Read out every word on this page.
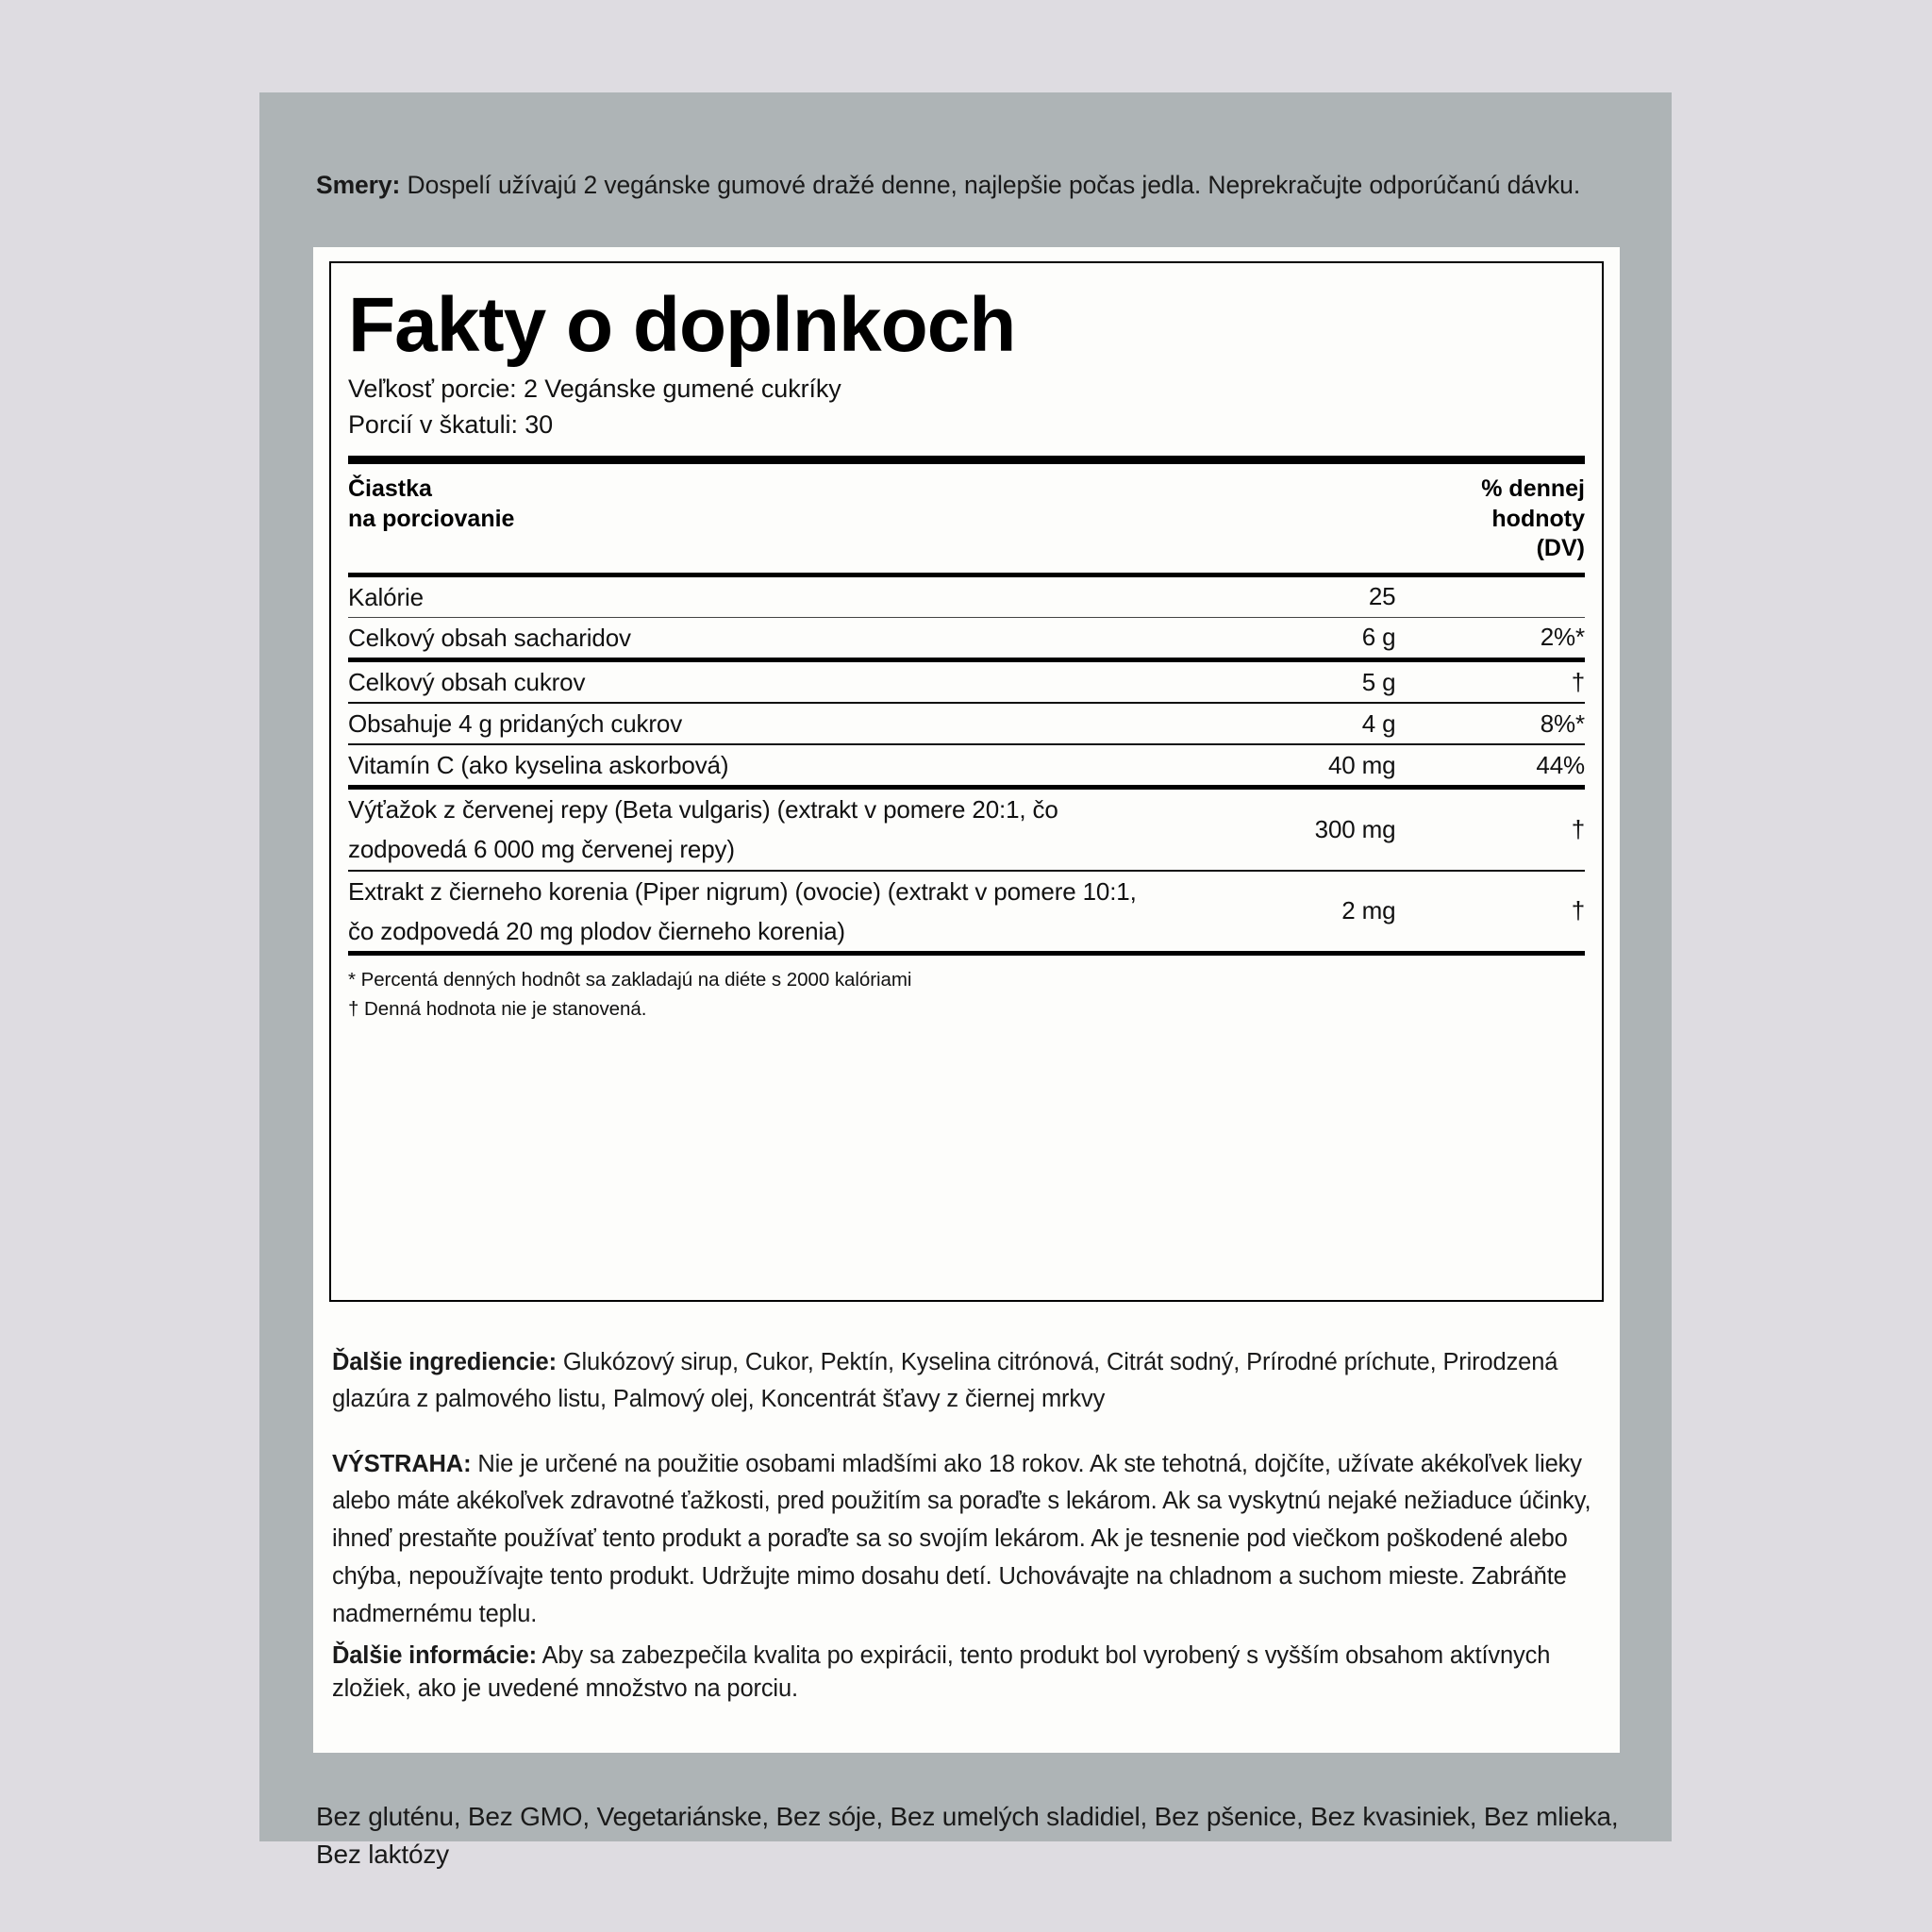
Smery: Dospelí užívajú 2 vegánske gumové dražé denne, najlepšie počas jedla. Neprekračujte odporúčanú dávku.

Fakty o doplnkoch
Veľkosť porcie: 2 Vegánske gumené cukríky
Porcií v škatuli: 30
Čiastka
na porciovanie
% dennej
hodnoty
(DV)
Kalórie	25	
Celkový obsah sacharidov	6 g	2%*
Celkový obsah cukrov	5 g	†
Obsahuje 4 g pridaných cukrov	4 g	8%*
Vitamín C (ako kyselina askorbová)	40 mg	44%
Výťažok z červenej repy (Beta vulgaris) (extrakt v pomere 20:1, čo zodpovedá 6 000 mg červenej repy)	300 mg	†
Extrakt z čierneho korenia (Piper nigrum) (ovocie) (extrakt v pomere 10:1, čo zodpovedá 20 mg plodov čierneho korenia)	2 mg	†
* Percentá denných hodnôt sa zakladajú na diéte s 2000 kalóriami
† Denná hodnota nie je stanovená.

Ďalšie ingrediencie: Glukózový sirup, Cukor, Pektín, Kyselina citrónová, Citrát sodný, Prírodné príchute, Prirodzená glazúra z palmového listu, Palmový olej, Koncentrát šťavy z čiernej mrkvy

VÝSTRAHA: Nie je určené na použitie osobami mladšími ako 18 rokov. Ak ste tehotná, dojčíte, užívate akékoľvek lieky alebo máte akékoľvek zdravotné ťažkosti, pred použitím sa poraďte s lekárom. Ak sa vyskytnú nejaké nežiaduce účinky, ihneď prestaňte používať tento produkt a poraďte sa so svojím lekárom. Ak je tesnenie pod viečkom poškodené alebo chýba, nepoužívajte tento produkt. Udržujte mimo dosahu detí. Uchovávajte na chladnom a suchom mieste. Zabráňte nadmernému teplu.

Ďalšie informácie: Aby sa zabezpečila kvalita po expirácii, tento produkt bol vyrobený s vyšším obsahom aktívnych zložiek, ako je uvedené množstvo na porciu.

Bez gluténu, Bez GMO, Vegetariánske, Bez sóje, Bez umelých sladidiel, Bez pšenice, Bez kvasiniek, Bez mlieka, Bez laktózy
